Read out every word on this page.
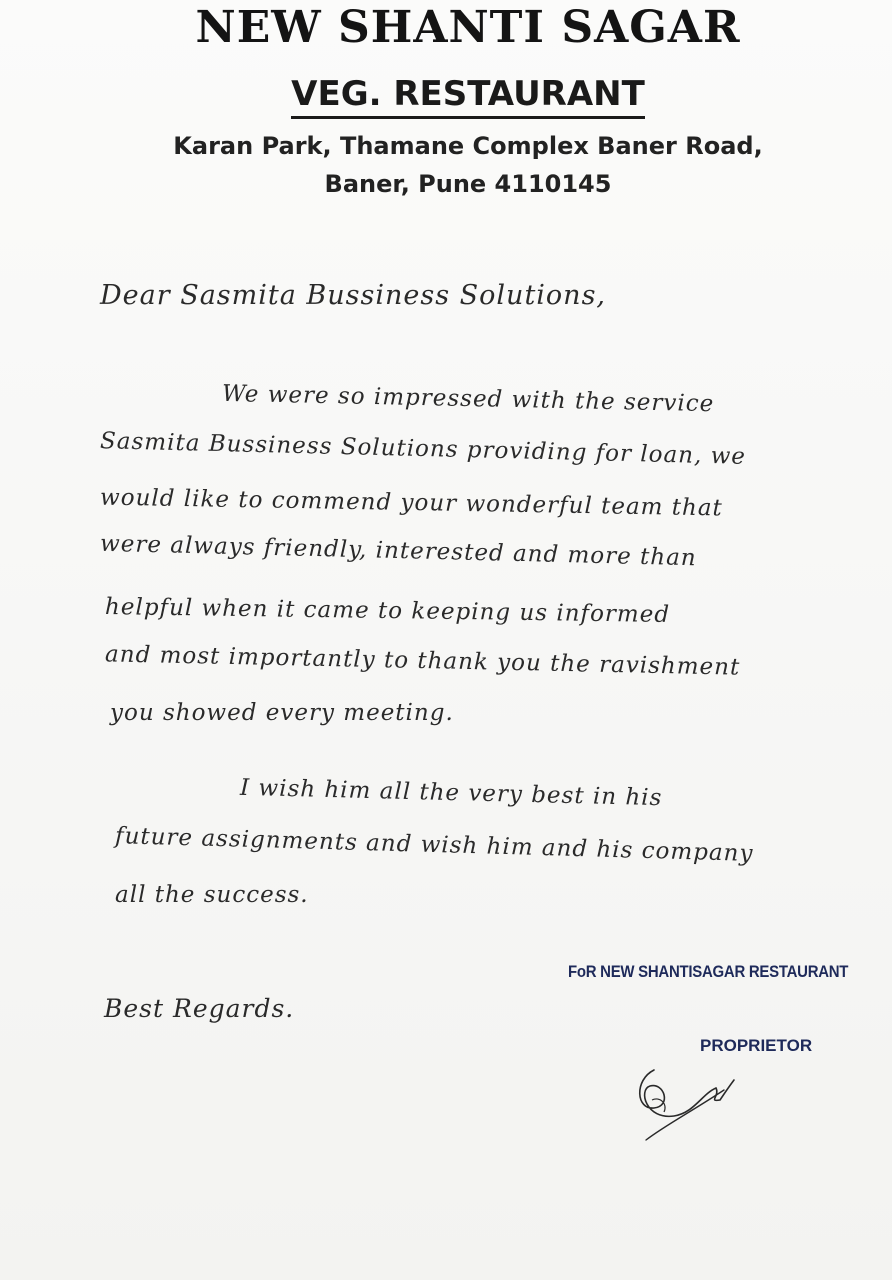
NEW SHANTI SAGAR
VEG. RESTAURANT
Karan Park, Thamane Complex Baner Road,
Baner, Pune 4110145
Dear Sasmita Bussiness Solutions,
We were so impressed with the service
Sasmita Bussiness Solutions providing for loan, we
would like to commend your wonderful team that
were always friendly, interested and more than
helpful when it came to keeping us informed
and most importantly to thank you the ravishment
you showed every meeting.
I wish him all the very best in his
future assignments and wish him and his company
all the success.
Best Regards.
FoR NEW SHANTISAGAR RESTAURANT
PROPRIETOR
